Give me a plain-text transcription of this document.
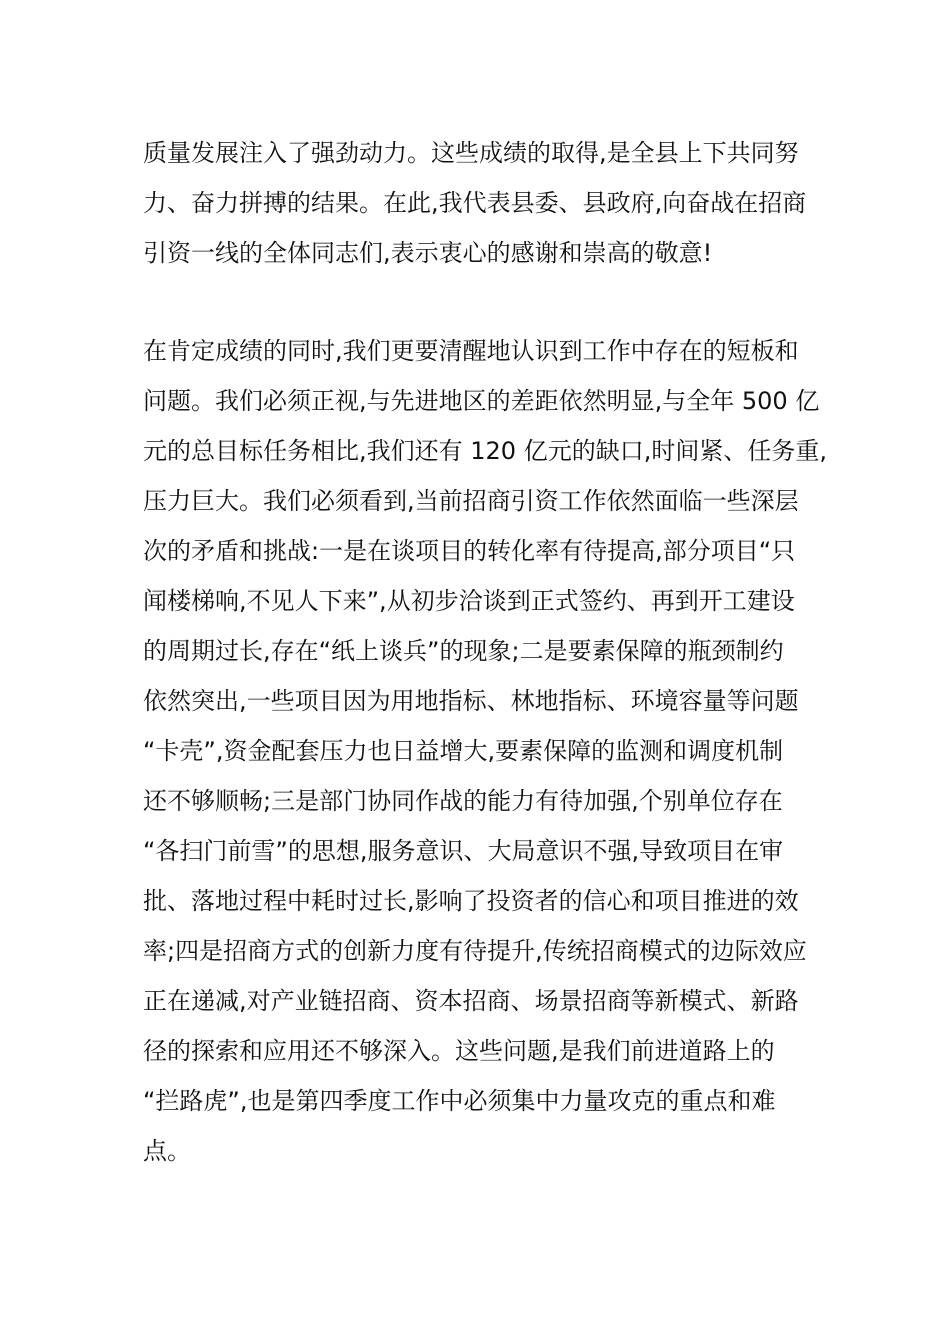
质量发展注入了强劲动力。这些成绩的取得,是全县上下共同努
力、奋力拼搏的结果。在此,我代表县委、县政府,向奋战在招商
引资一线的全体同志们,表示衷心的感谢和崇高的敬意!
在肯定成绩的同时,我们更要清醒地认识到工作中存在的短板和
问题。我们必须正视,与先进地区的差距依然明显,与全年 500 亿
元的总目标任务相比,我们还有 120 亿元的缺口,时间紧、任务重,
压力巨大。我们必须看到,当前招商引资工作依然面临一些深层
次的矛盾和挑战:一是在谈项目的转化率有待提高,部分项目“只
闻楼梯响,不见人下来”,从初步洽谈到正式签约、再到开工建设
的周期过长,存在“纸上谈兵”的现象;二是要素保障的瓶颈制约
依然突出,一些项目因为用地指标、林地指标、环境容量等问题
“卡壳”,资金配套压力也日益增大,要素保障的监测和调度机制
还不够顺畅;三是部门协同作战的能力有待加强,个别单位存在
“各扫门前雪”的思想,服务意识、大局意识不强,导致项目在审
批、落地过程中耗时过长,影响了投资者的信心和项目推进的效
率;四是招商方式的创新力度有待提升,传统招商模式的边际效应
正在递减,对产业链招商、资本招商、场景招商等新模式、新路
径的探索和应用还不够深入。这些问题,是我们前进道路上的
“拦路虎”,也是第四季度工作中必须集中力量攻克的重点和难
点。
